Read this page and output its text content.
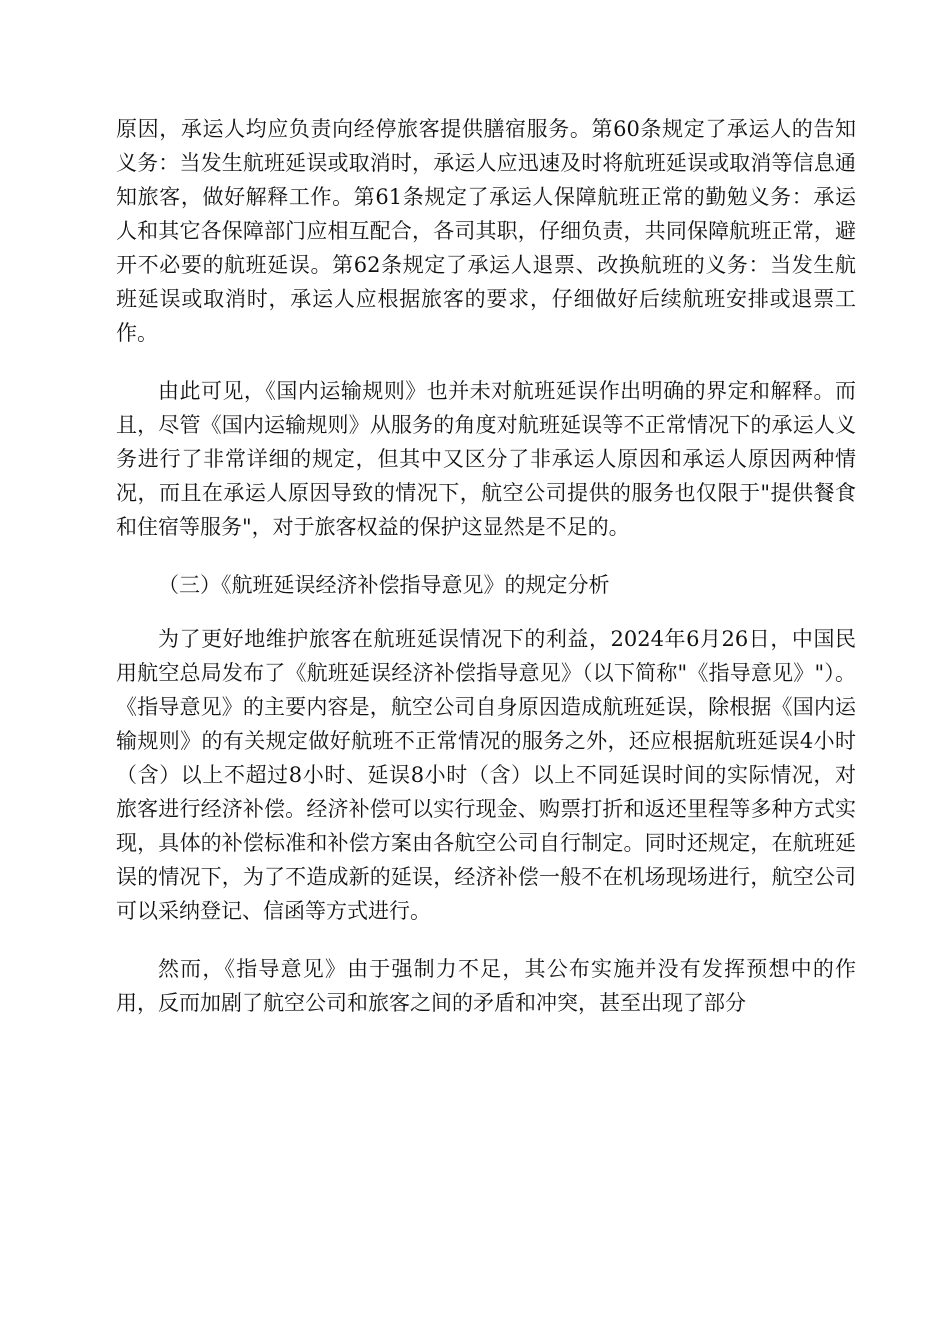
原因，承运人均应负责向经停旅客提供膳宿服务。第60条规定了承运人的告知义务：当发生航班延误或取消时，承运人应迅速及时将航班延误或取消等信息通知旅客，做好解释工作。第61条规定了承运人保障航班正常的勤勉义务：承运人和其它各保障部门应相互配合，各司其职，仔细负责，共同保障航班正常，避开不必要的航班延误。第62条规定了承运人退票、改换航班的义务：当发生航班延误或取消时，承运人应根据旅客的要求，仔细做好后续航班安排或退票工作。

由此可见，《国内运输规则》也并未对航班延误作出明确的界定和解释。而且，尽管《国内运输规则》从服务的角度对航班延误等不正常情况下的承运人义务进行了非常详细的规定，但其中又区分了非承运人原因和承运人原因两种情况，而且在承运人原因导致的情况下，航空公司提供的服务也仅限于"提供餐食和住宿等服务"，对于旅客权益的保护这显然是不足的。

（三）《航班延误经济补偿指导意见》的规定分析

为了更好地维护旅客在航班延误情况下的利益，2024年6月26日，中国民用航空总局发布了《航班延误经济补偿指导意见》（以下简称"《指导意见》"）。《指导意见》的主要内容是，航空公司自身原因造成航班延误，除根据《国内运输规则》的有关规定做好航班不正常情况的服务之外，还应根据航班延误4小时（含）以上不超过8小时、延误8小时（含）以上不同延误时间的实际情况，对旅客进行经济补偿。经济补偿可以实行现金、购票打折和返还里程等多种方式实现，具体的补偿标准和补偿方案由各航空公司自行制定。同时还规定，在航班延误的情况下，为了不造成新的延误，经济补偿一般不在机场现场进行，航空公司可以采纳登记、信函等方式进行。

然而，《指导意见》由于强制力不足，其公布实施并没有发挥预想中的作用，反而加剧了航空公司和旅客之间的矛盾和冲突，甚至出现了部分
